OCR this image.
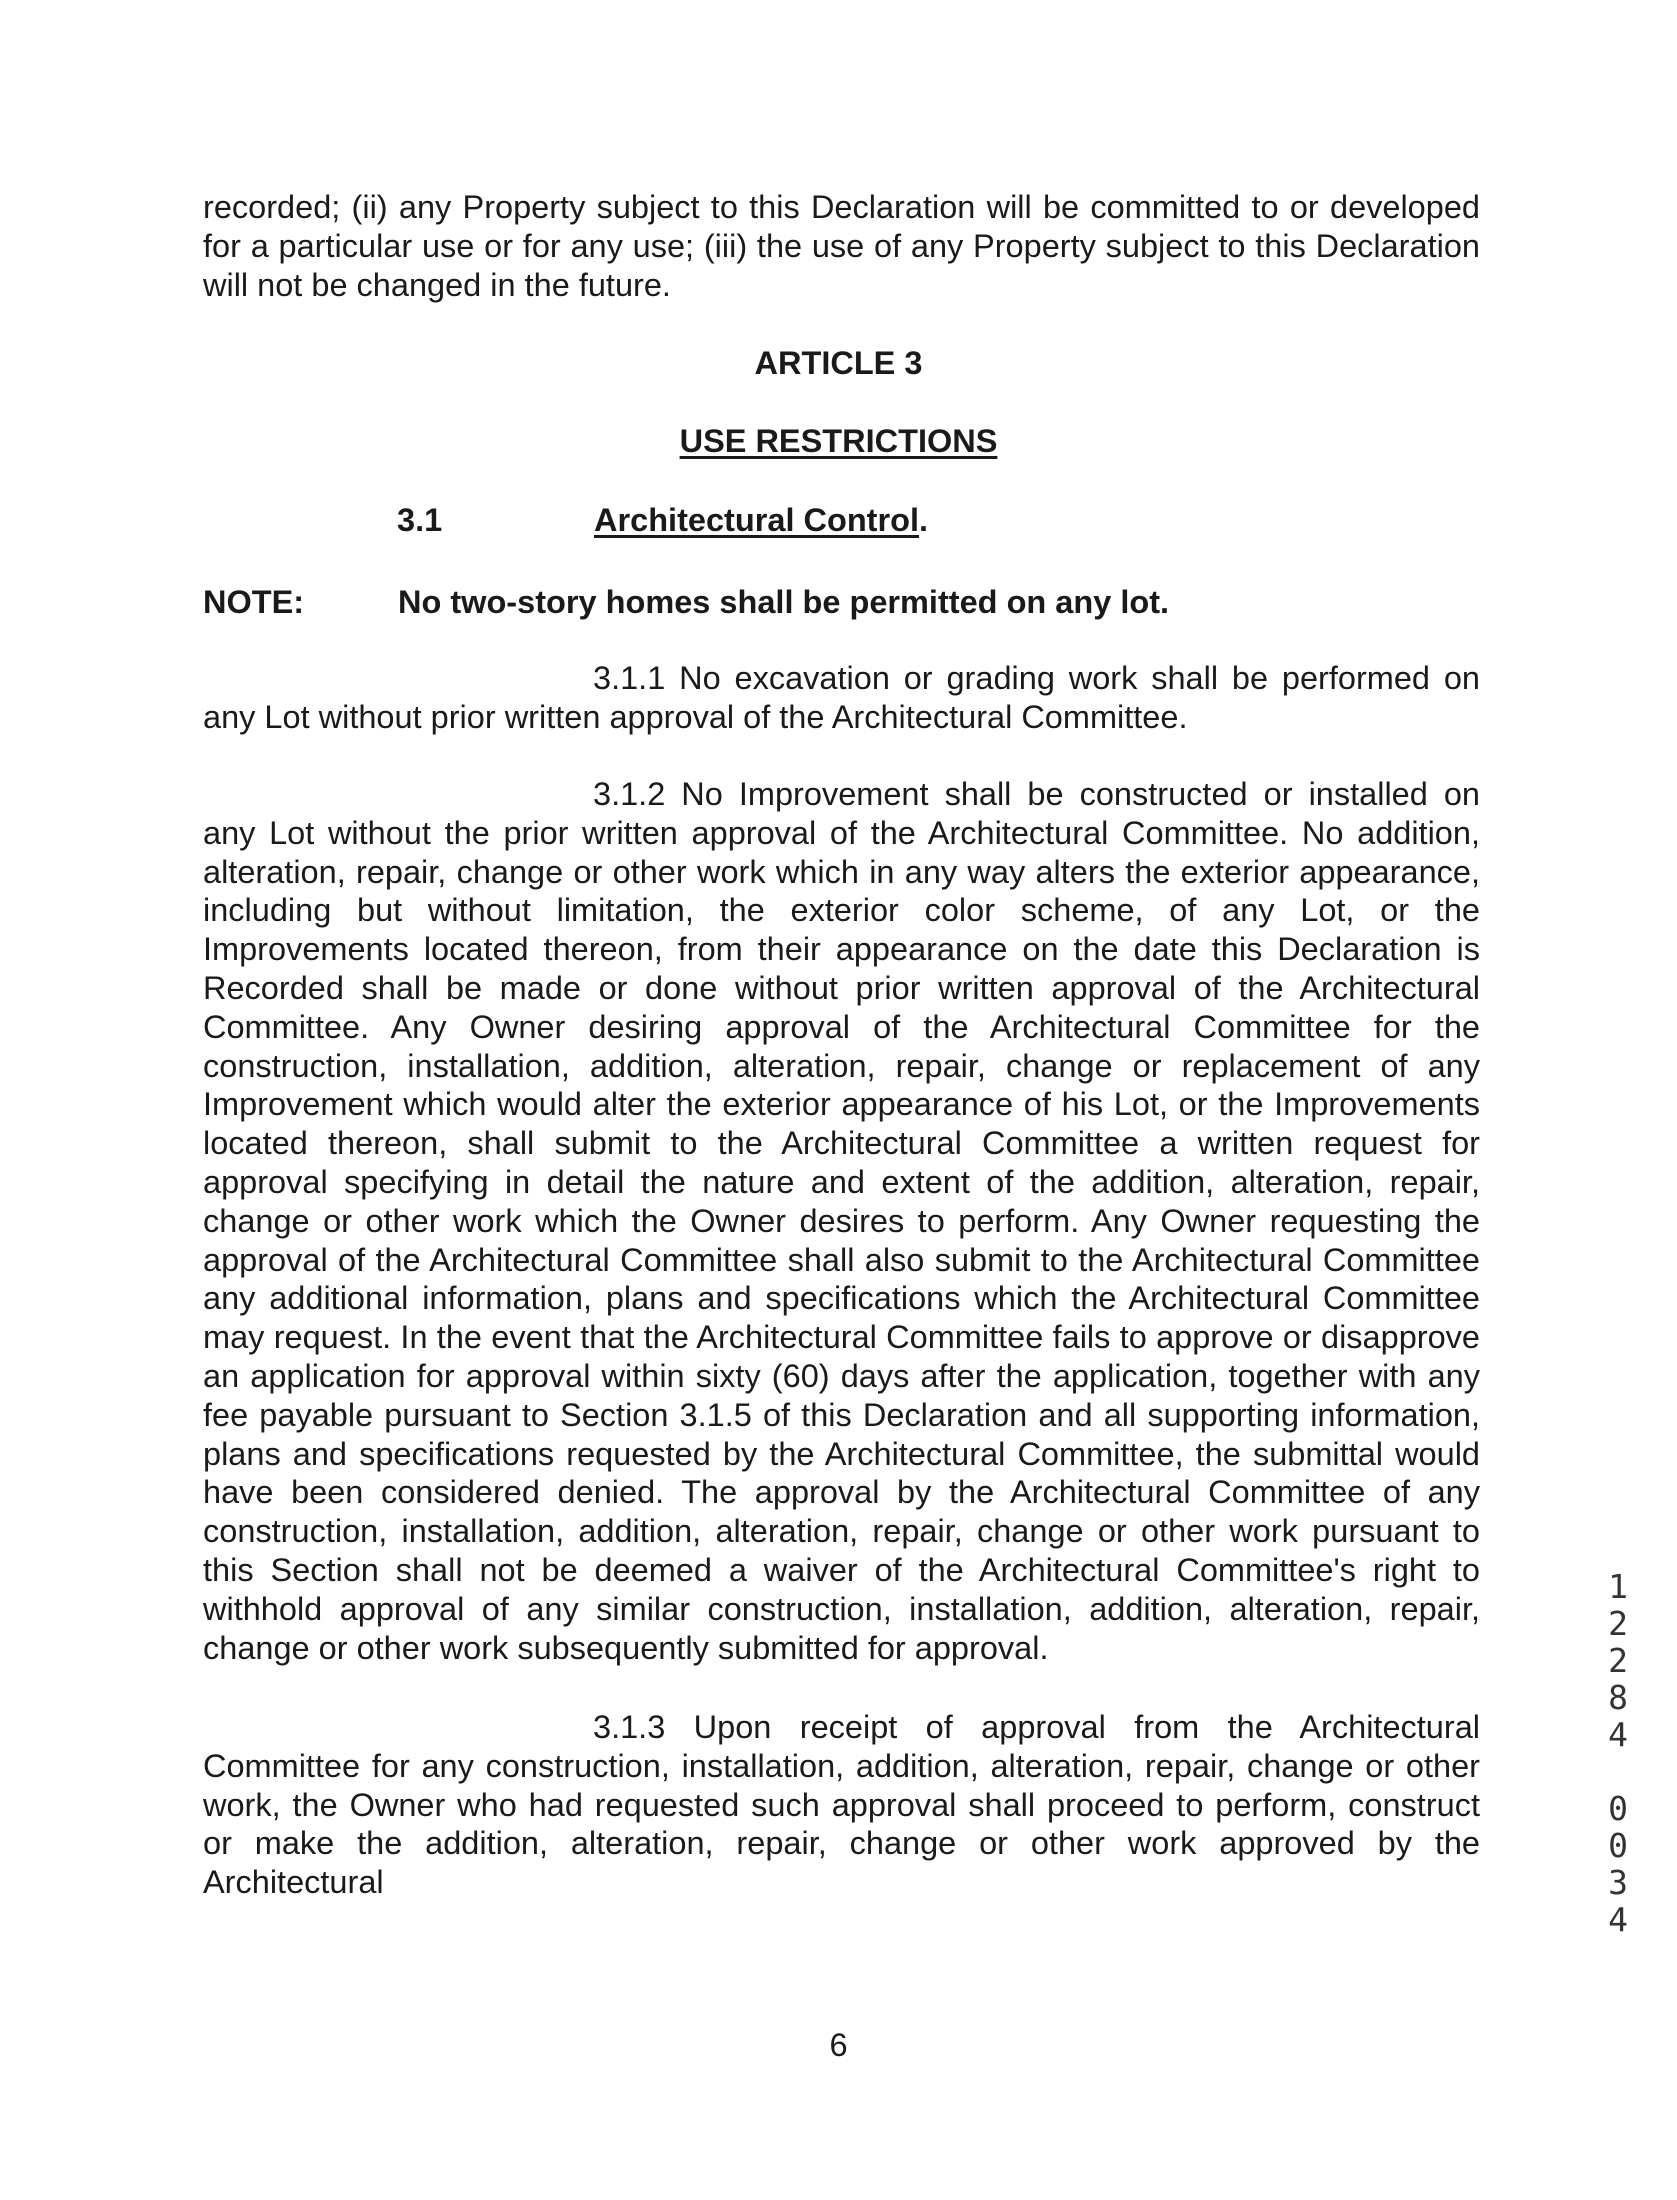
recorded; (ii) any Property subject to this Declaration will be committed to or developed for a particular use or for any use; (iii) the use of any Property subject to this Declaration will not be changed in the future.

ARTICLE 3

USE RESTRICTIONS

3.1	Architectural Control.
NOTE:	No two-story homes shall be permitted on any lot.

3.1.1 No excavation or grading work shall be performed on any Lot without prior written approval of the Architectural Committee.

3.1.2 No Improvement shall be constructed or installed on any Lot without the prior written approval of the Architectural Committee. No addition, alteration, repair, change or other work which in any way alters the exterior appearance, including but without limitation, the exterior color scheme, of any Lot, or the Improvements located thereon, from their appearance on the date this Declaration is Recorded shall be made or done without prior written approval of the Architectural Committee. Any Owner desiring approval of the Architectural Committee for the construction, installation, addition, alteration, repair, change or replacement of any Improvement which would alter the exterior appearance of his Lot, or the Improvements located thereon, shall submit to the Architectural Committee a written request for approval specifying in detail the nature and extent of the addition, alteration, repair, change or other work which the Owner desires to perform. Any Owner requesting the approval of the Architectural Committee shall also submit to the Architectural Committee any additional information, plans and specifications which the Architectural Committee may request. In the event that the Architectural Committee fails to approve or disapprove an application for approval within sixty (60) days after the application, together with any fee payable pursuant to Section 3.1.5 of this Declaration and all supporting information, plans and specifications requested by the Architectural Committee, the submittal would have been considered denied. The approval by the Architectural Committee of any construction, installation, addition, alteration, repair, change or other work pursuant to this Section shall not be deemed a waiver of the Architectural Committee's right to withhold approval of any similar construction, installation, addition, alteration, repair, change or other work subsequently submitted for approval.

3.1.3 Upon receipt of approval from the Architectural Committee for any construction, installation, addition, alteration, repair, change or other work, the Owner who had requested such approval shall proceed to perform, construct or make the addition, alteration, repair, change or other work approved by the Architectural

6
1
2
2
8
4

0
0
3
4
